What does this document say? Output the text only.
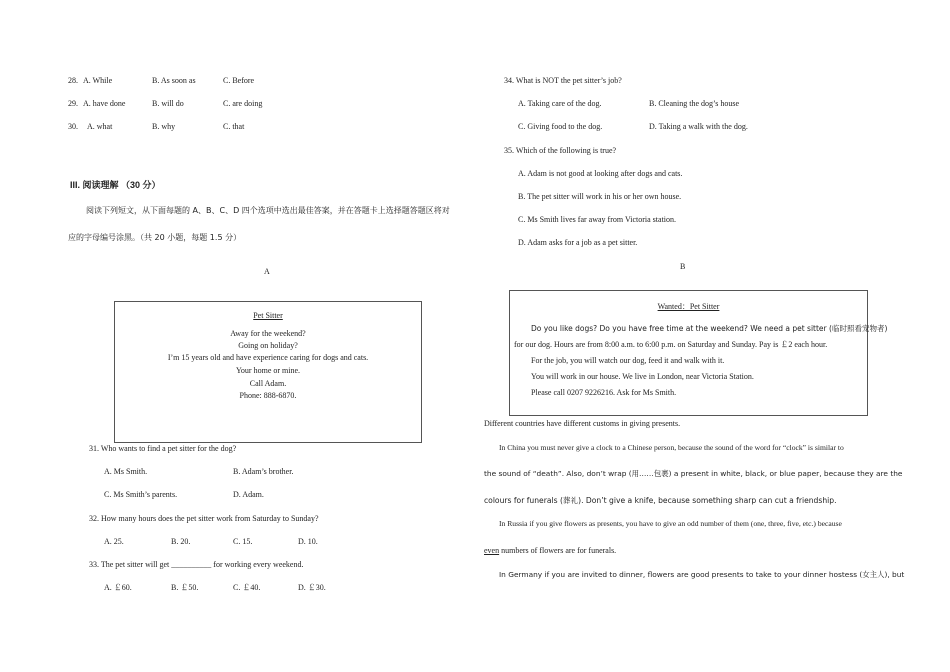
28. A. While	B. As soon as	C. Before
29. A. have done	B. will do	C. are doing
30. A. what	B. why	C. that
III. 阅读理解 （30 分）
阅读下列短文，从下面每题的 A、B、C、D 四个选项中选出最佳答案，并在答题卡上选择题答题区将对
应的字母编号涂黑。（共 20 小题，每题 1.5 分）
A
Pet Sitter
Away for the weekend?
Going on holiday?
I’m 15 years old and have experience caring for dogs and cats.
Your home or mine.
Call Adam.
Phone: 888-6870.
31. Who wants to find a pet sitter for the dog?
A. Ms Smith.	B. Adam’s brother.
C. Ms Smith’s parents.	D. Adam.
32. How many hours does the pet sitter work from Saturday to Sunday?
A. 25.	B. 20.	C. 15.	D. 10.
33. The pet sitter will get __________ for working every weekend.
A. ￡60.	B. ￡50.	C. ￡40.	D. ￡30.
34. What is NOT the pet sitter’s job?
A. Taking care of the dog.	B. Cleaning the dog’s house
C. Giving food to the dog.	D. Taking a walk with the dog.
35. Which of the following is true?
A. Adam is not good at looking after dogs and cats.
B. The pet sitter will work in his or her own house.
C. Ms Smith lives far away from Victoria station.
D. Adam asks for a job as a pet sitter.
B
Wanted：Pet Sitter
Do you like dogs? Do you have free time at the weekend? We need a pet sitter (临时照看宠物者)
for our dog. Hours are from 8:00 a.m. to 6:00 p.m. on Saturday and Sunday. Pay is ￡2 each hour.
For the job, you will watch our dog, feed it and walk with it.
You will work in our house. We live in London, near Victoria Station.
Please call 0207 9226216. Ask for Ms Smith.
Different countries have different customs in giving presents.
In China you must never give a clock to a Chinese person, because the sound of the word for “clock” is similar to
the sound of “death”. Also, don’t wrap (用……包裹) a present in white, black, or blue paper, because they are the
colours for funerals (葬礼). Don’t give a knife, because something sharp can cut a friendship.
In Russia if you give flowers as presents, you have to give an odd number of them (one, three, five, etc.) because
even numbers of flowers are for funerals.
In Germany if you are invited to dinner, flowers are good presents to take to your dinner hostess (女主人), but
